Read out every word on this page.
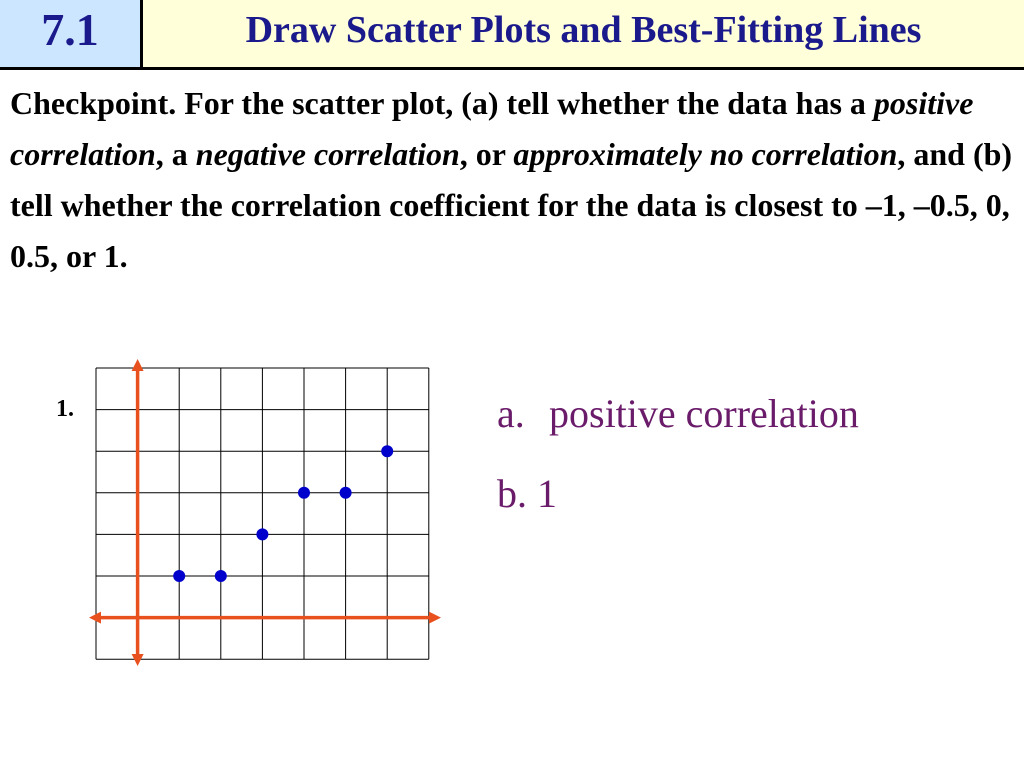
7.1	Draw Scatter Plots and Best-Fitting Lines
Checkpoint. For the scatter plot, (a) tell whether the data has a positive correlation, a negative correlation, or approximately no correlation, and (b) tell whether the correlation coefficient for the data is closest to –1, –0.5, 0, 0.5, or 1.
1.	a. positive correlation
b. 1
